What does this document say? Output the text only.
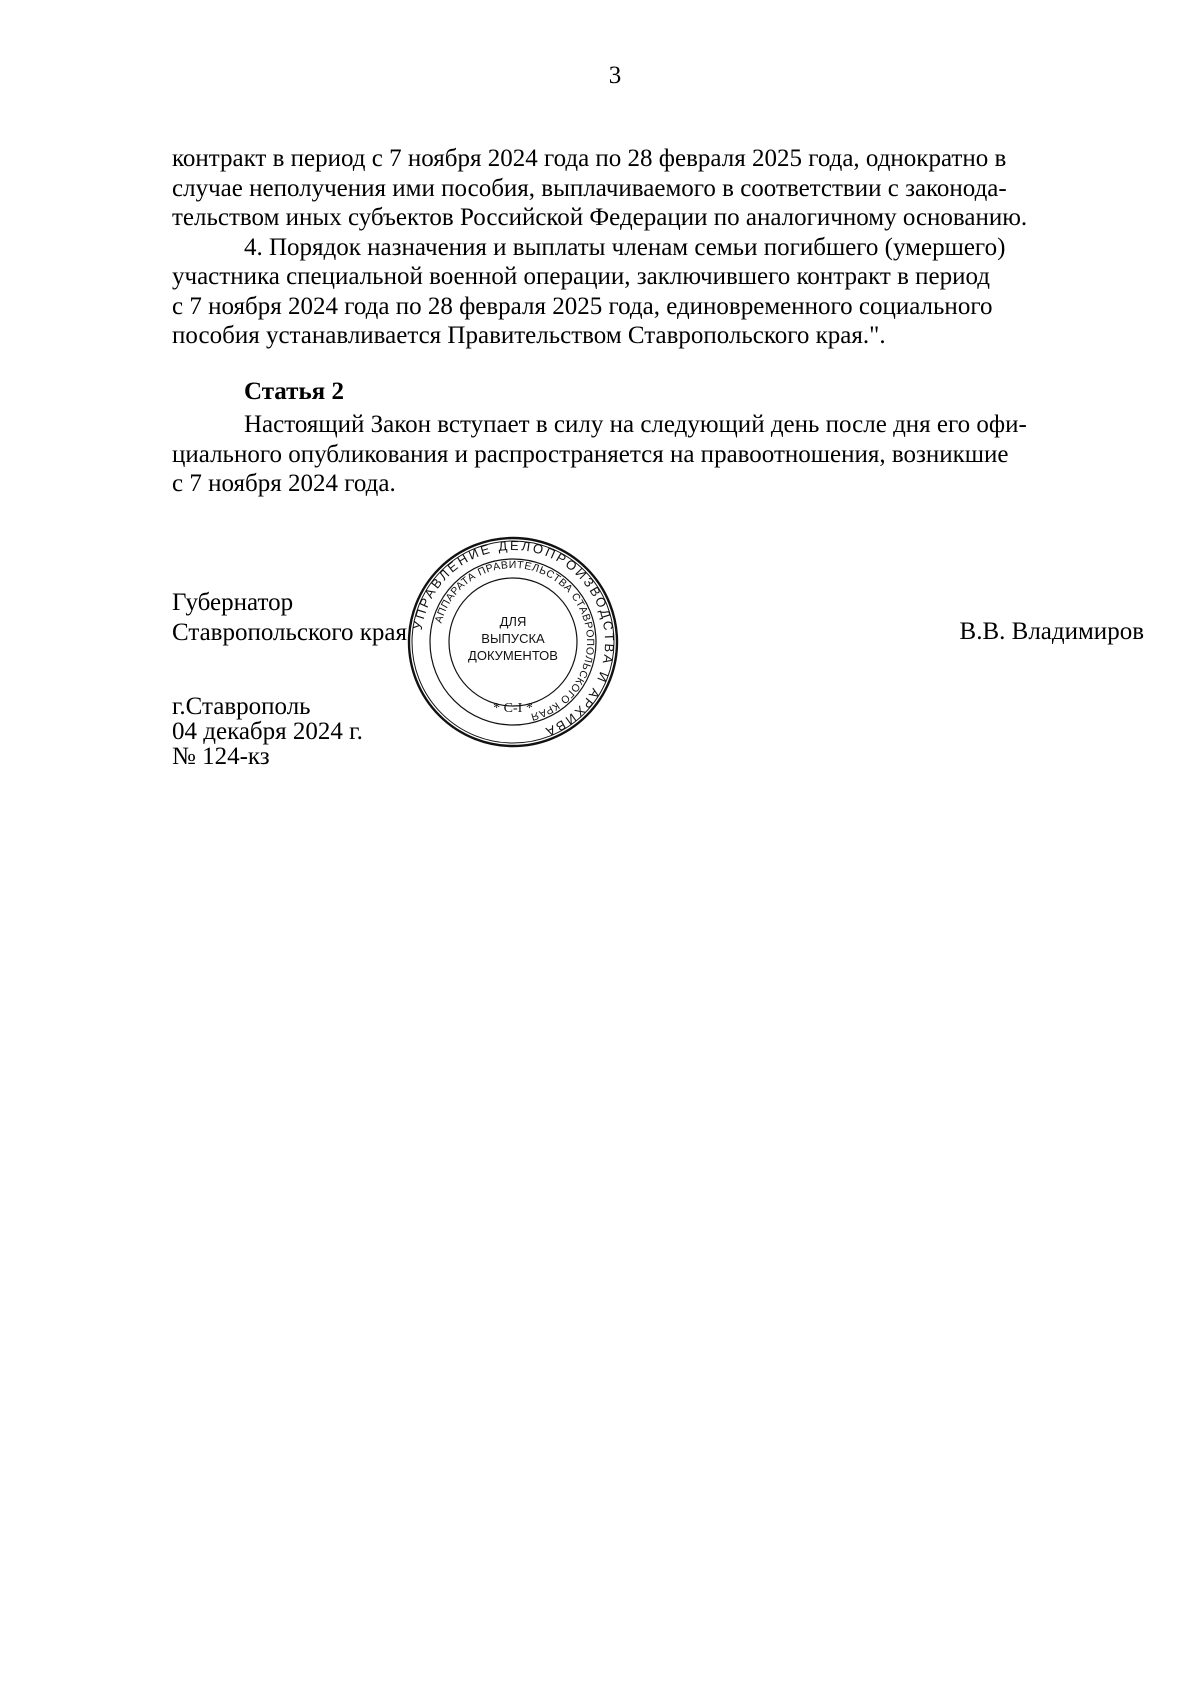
3

контракт в период с 7 ноября 2024 года по 28 февраля 2025 года, однократно в
случае неполучения ими пособия, выплачиваемого в соответствии с законода-
тельством иных субъектов Российской Федерации по аналогичному основанию.

4. Порядок назначения и выплаты членам семьи погибшего (умершего)
участника специальной военной операции, заключившего контракт в период
с 7 ноября 2024 года по 28 февраля 2025 года, единовременного социального
пособия устанавливается Правительством Ставропольского края.".

Статья 2
Настоящий Закон вступает в силу на следующий день после дня его офи-
циального опубликования и распространяется на правоотношения, возникшие
с 7 ноября 2024 года.
Губернатор
Ставропольского края	В.В. Владимиров
г.Ставрополь
04 декабря 2024 г.
№ 124-кз
УПРАВЛЕНИЕ ДЕЛОПРОИЗВОДСТВА И АРХИВА
АППАРАТА ПРАВИТЕЛЬСТВА СТАВРОПОЛЬСКОГО КРАЯ
ДЛЯ
ВЫПУСКА
ДОКУМЕНТОВ
* С-I *
